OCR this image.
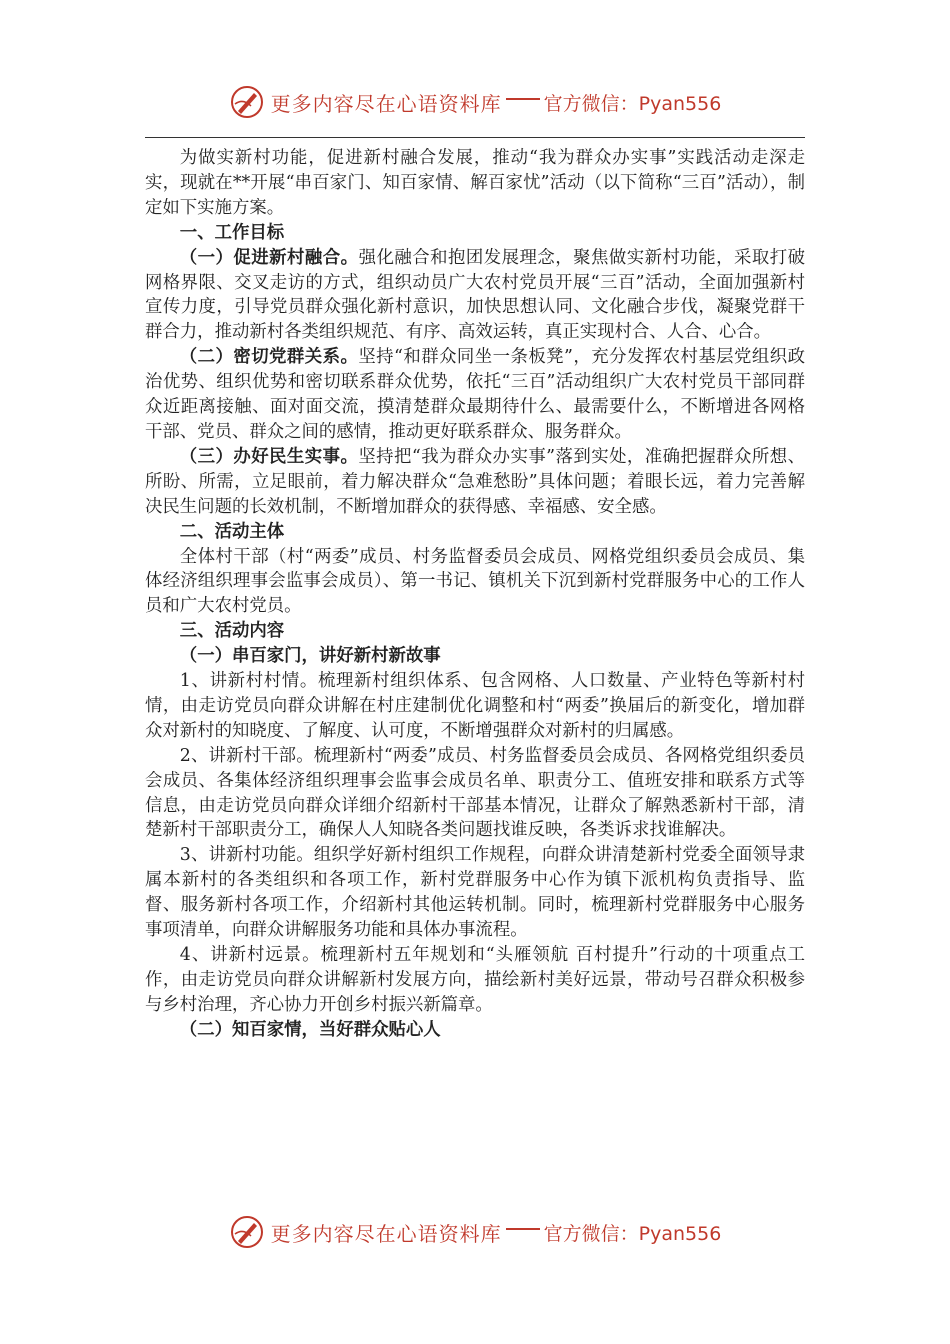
更多内容尽在心语资料库 官方微信：Pyan556

为做实新村功能，促进新村融合发展，推动“我为群众办实事”实践活动走深走实，现就在**开展“串百家门、知百家情、解百家忧”活动（以下简称“三百”活动），制定如下实施方案。

一、工作目标

（一）促进新村融合。强化融合和抱团发展理念，聚焦做实新村功能，采取打破网格界限、交叉走访的方式，组织动员广大农村党员开展“三百”活动，全面加强新村宣传力度，引导党员群众强化新村意识，加快思想认同、文化融合步伐，凝聚党群干群合力，推动新村各类组织规范、有序、高效运转，真正实现村合、人合、心合。

（二）密切党群关系。坚持“和群众同坐一条板凳”，充分发挥农村基层党组织政治优势、组织优势和密切联系群众优势，依托“三百”活动组织广大农村党员干部同群众近距离接触、面对面交流，摸清楚群众最期待什么、最需要什么，不断增进各网格干部、党员、群众之间的感情，推动更好联系群众、服务群众。

（三）办好民生实事。坚持把“我为群众办实事”落到实处，准确把握群众所想、所盼、所需，立足眼前，着力解决群众“急难愁盼”具体问题；着眼长远，着力完善解决民生问题的长效机制，不断增加群众的获得感、幸福感、安全感。

二、活动主体

全体村干部（村“两委”成员、村务监督委员会成员、网格党组织委员会成员、集体经济组织理事会监事会成员）、第一书记、镇机关下沉到新村党群服务中心的工作人员和广大农村党员。

三、活动内容

（一）串百家门，讲好新村新故事

1、讲新村村情。梳理新村组织体系、包含网格、人口数量、产业特色等新村村情，由走访党员向群众讲解在村庄建制优化调整和村“两委”换届后的新变化，增加群众对新村的知晓度、了解度、认可度，不断增强群众对新村的归属感。

2、讲新村干部。梳理新村“两委”成员、村务监督委员会成员、各网格党组织委员会成员、各集体经济组织理事会监事会成员名单、职责分工、值班安排和联系方式等信息，由走访党员向群众详细介绍新村干部基本情况，让群众了解熟悉新村干部，清楚新村干部职责分工，确保人人知晓各类问题找谁反映，各类诉求找谁解决。

3、讲新村功能。组织学好新村组织工作规程，向群众讲清楚新村党委全面领导隶属本新村的各类组织和各项工作，新村党群服务中心作为镇下派机构负责指导、监督、服务新村各项工作，介绍新村其他运转机制。同时，梳理新村党群服务中心服务事项清单，向群众讲解服务功能和具体办事流程。

4、讲新村远景。梳理新村五年规划和“头雁领航 百村提升”行动的十项重点工作，由走访党员向群众讲解新村发展方向，描绘新村美好远景，带动号召群众积极参与乡村治理，齐心协力开创乡村振兴新篇章。

（二）知百家情，当好群众贴心人

更多内容尽在心语资料库 官方微信：Pyan556
